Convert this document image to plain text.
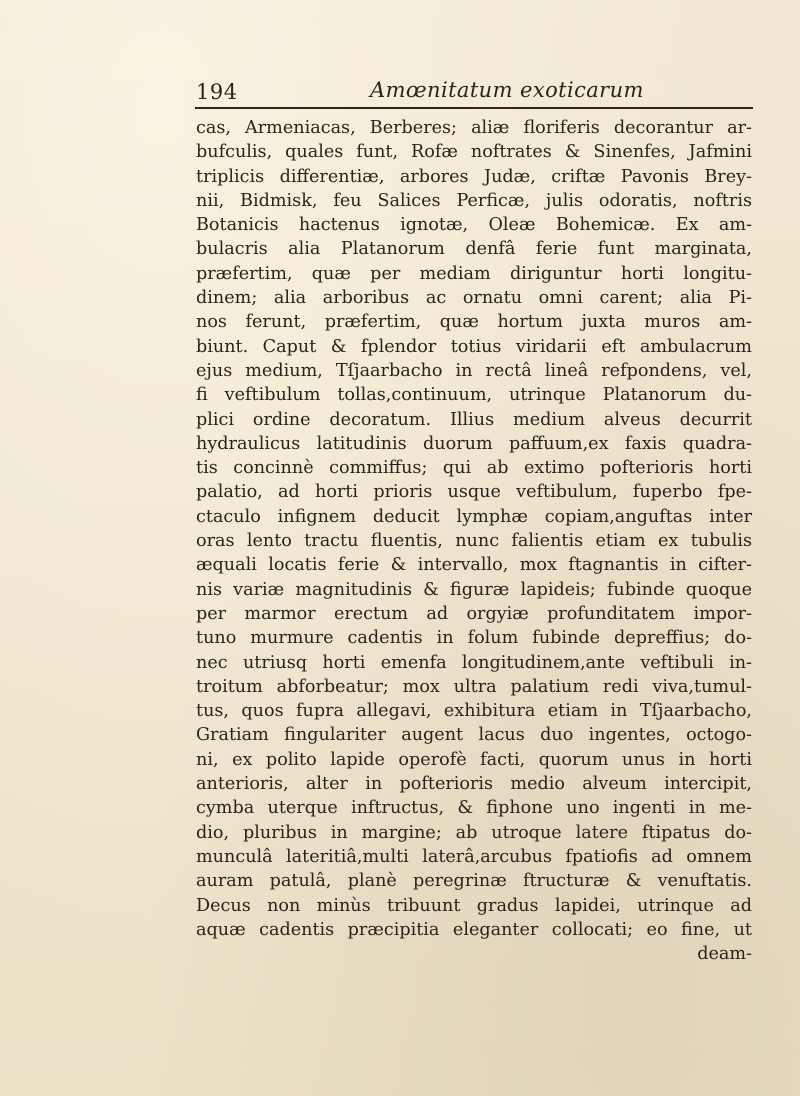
194	Amœnitatum exoticarum
cas, Armeniacas, Berberes; aliæ floriferis decorantur ar-
bufculis, quales funt, Rofæ noftrates & Sinenfes, Jafmini
triplicis differentiæ, arbores Judæ, criftæ Pavonis Brey-
nii, Bidmisk, feu Salices Perficæ, julis odoratis, noftris
Botanicis hactenus ignotæ, Oleæ Bohemicæ. Ex am-
bulacris alia Platanorum denfâ ferie funt marginata,
præfertim, quæ per mediam diriguntur horti longitu-
dinem; alia arboribus ac ornatu omni carent; alia Pi-
nos ferunt, præfertim, quæ hortum juxta muros am-
biunt. Caput & fplendor totius viridarii eft ambulacrum
ejus medium, Tſjaarbacho in rectâ lineâ refpondens, vel,
fi veftibulum tollas,continuum, utrinque Platanorum du-
plici ordine decoratum. Illius medium alveus decurrit
hydraulicus latitudinis duorum paffuum,ex faxis quadra-
tis concinnè commiffus; qui ab extimo pofterioris horti
palatio, ad horti prioris usque veftibulum, fuperbo fpe-
ctaculo infignem deducit lymphæ copiam,anguftas inter
oras lento tractu fluentis, nunc falientis etiam ex tubulis
æquali locatis ferie & intervallo, mox ftagnantis in cifter-
nis variæ magnitudinis & figuræ lapideis; fubinde quoque
per marmor erectum ad orgyiæ profunditatem impor-
tuno murmure cadentis in folum fubinde depreffius; do-
nec utriusq horti emenfa longitudinem,ante veftibuli in-
troitum abforbeatur; mox ultra palatium redi viva,tumul-
tus, quos fupra allegavi, exhibitura etiam in Tſjaarbacho,
Gratiam fingulariter augent lacus duo ingentes, octogo-
ni, ex polito lapide operofè facti, quorum unus in horti
anterioris, alter in pofterioris medio alveum intercipit,
cymba uterque inftructus, & fiphone uno ingenti in me-
dio, pluribus in margine; ab utroque latere ftipatus do-
munculâ lateritiâ,multi laterâ,arcubus fpatiofis ad omnem
auram patulâ, planè peregrinæ ftructuræ & venuftatis.
Decus non minùs tribuunt gradus lapidei, utrinque ad
aquæ cadentis præcipitia eleganter collocati; eo fine, ut
deam-
